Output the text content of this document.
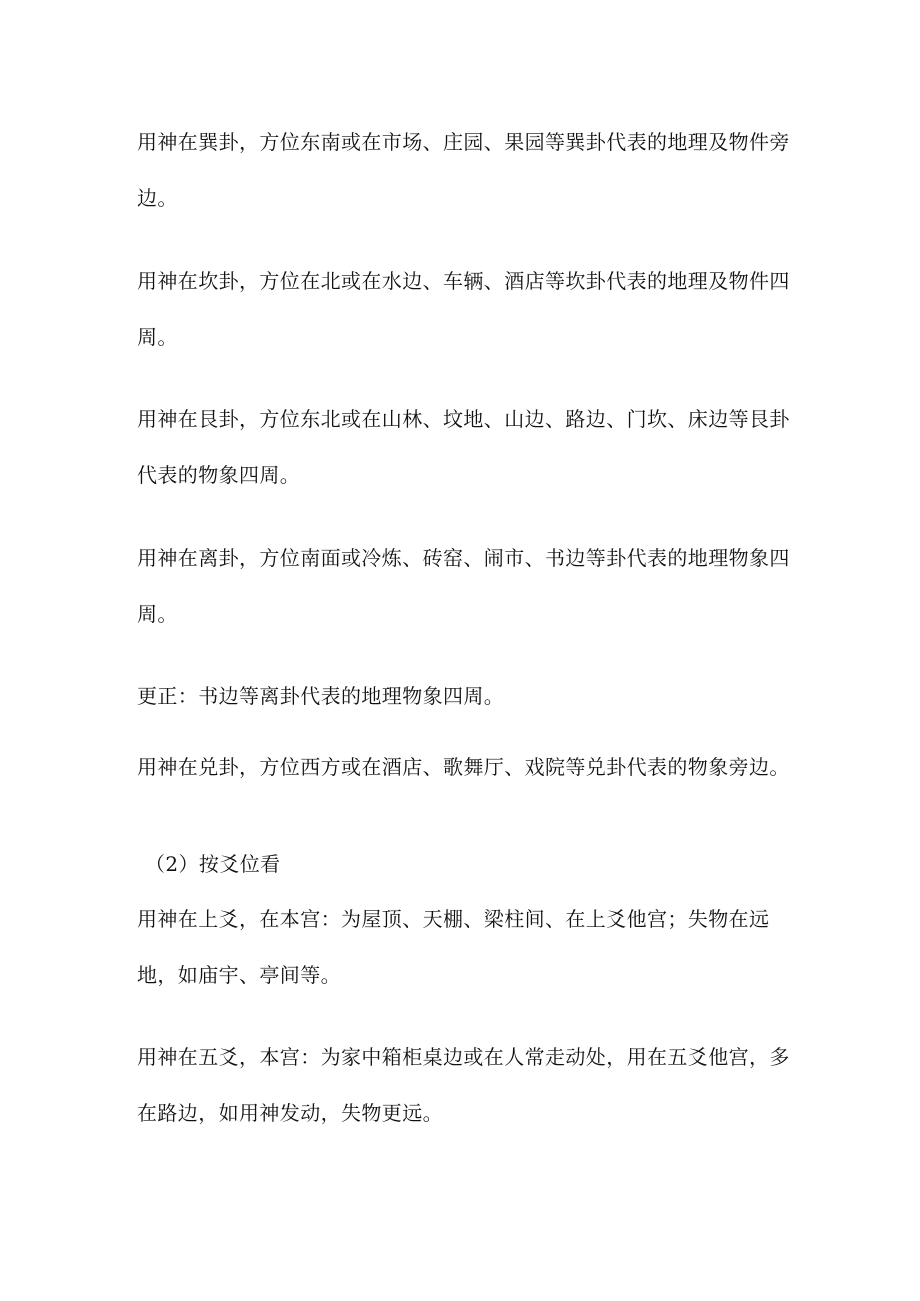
用神在巽卦，方位东南或在市场、庄园、果园等巽卦代表的地理及物件旁边。

用神在坎卦，方位在北或在水边、车辆、酒店等坎卦代表的地理及物件四周。

用神在艮卦，方位东北或在山林、坟地、山边、路边、门坎、床边等艮卦代表的物象四周。

用神在离卦，方位南面或冷炼、砖窑、闹市、书边等卦代表的地理物象四周。

更正：书边等离卦代表的地理物象四周。

用神在兑卦，方位西方或在酒店、歌舞厅、戏院等兑卦代表的物象旁边。

（2）按爻位看

用神在上爻，在本宫：为屋顶、天棚、梁柱间、在上爻他宫；失物在远地，如庙宇、亭间等。

用神在五爻，本宫：为家中箱柜桌边或在人常走动处，用在五爻他宫，多在路边，如用神发动，失物更远。
